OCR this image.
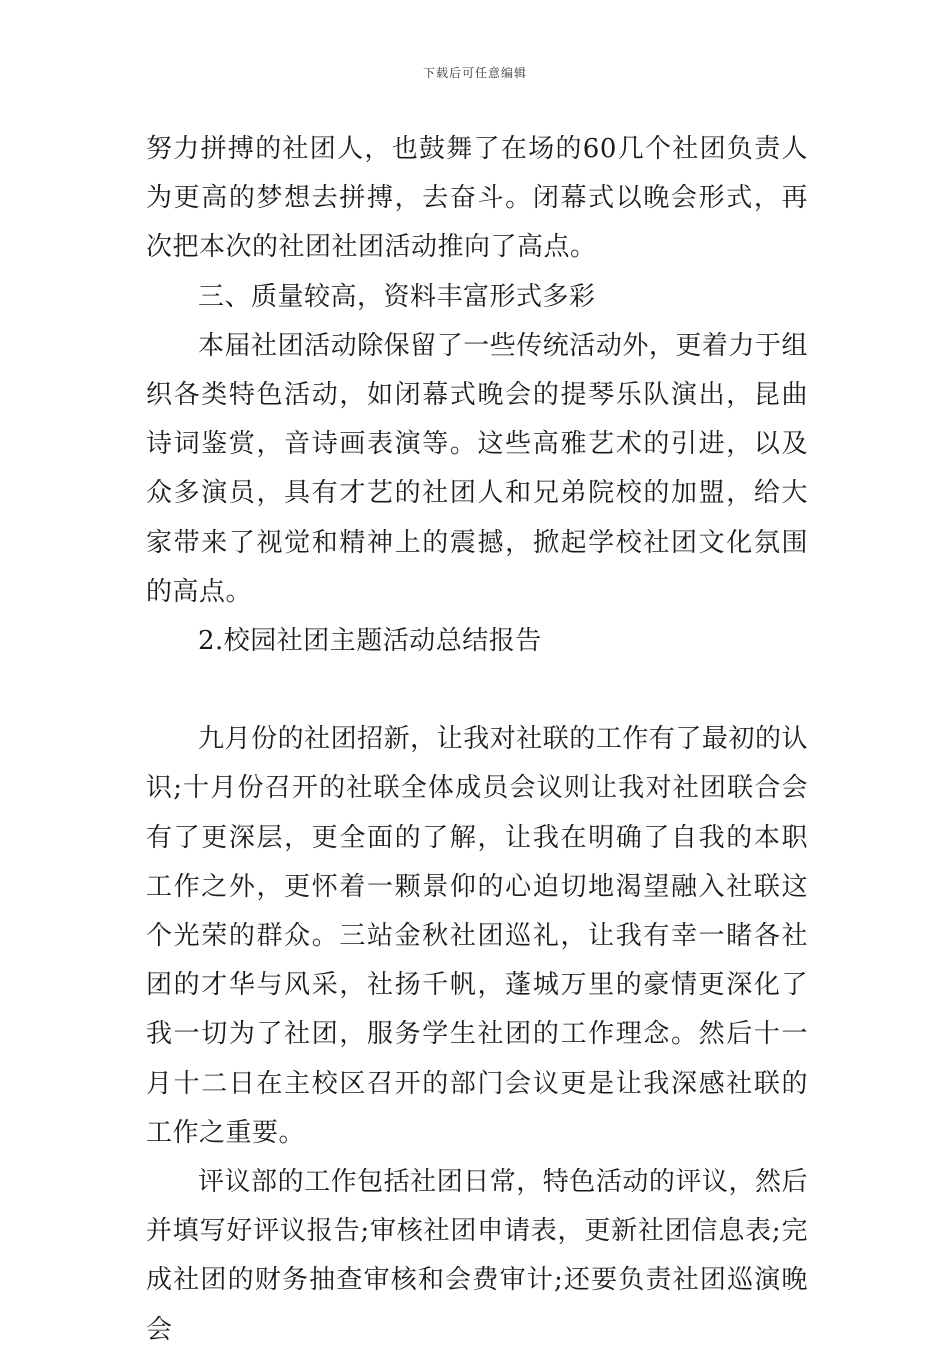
下载后可任意编辑

努力拼搏的社团人，也鼓舞了在场的60几个社团负责人为更高的梦想去拼搏，去奋斗。闭幕式以晚会形式，再次把本次的社团社团活动推向了高点。

三、质量较高，资料丰富形式多彩

本届社团活动除保留了一些传统活动外，更着力于组织各类特色活动，如闭幕式晚会的提琴乐队演出，昆曲诗词鉴赏，音诗画表演等。这些高雅艺术的引进，以及众多演员，具有才艺的社团人和兄弟院校的加盟，给大家带来了视觉和精神上的震撼，掀起学校社团文化氛围的高点。

2.校园社团主题活动总结报告

九月份的社团招新，让我对社联的工作有了最初的认识;十月份召开的社联全体成员会议则让我对社团联合会有了更深层，更全面的了解，让我在明确了自我的本职工作之外，更怀着一颗景仰的心迫切地渴望融入社联这个光荣的群众。三站金秋社团巡礼，让我有幸一睹各社团的才华与风采，社扬千帆，蓬城万里的豪情更深化了我一切为了社团，服务学生社团的工作理念。然后十一月十二日在主校区召开的部门会议更是让我深感社联的工作之重要。

评议部的工作包括社团日常，特色活动的评议，然后并填写好评议报告;审核社团申请表，更新社团信息表;完成社团的财务抽查审核和会费审计;还要负责社团巡演晚会
